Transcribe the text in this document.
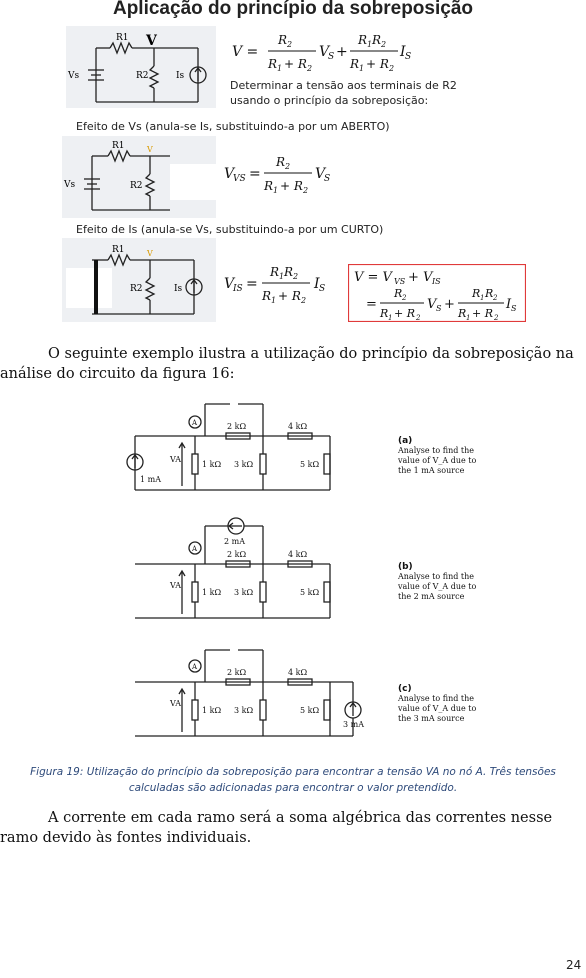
Aplicação do princípio da sobreposição
R1
R2
Vs	Is
V
V =
R 2
R 1 + R 2
V
S +
R 1 R 2
R 1 + R 2
I S
Determinar a tensão aos terminais de R2 usando o princípio da sobreposição:
Efeito de Vs (anula-se Is, substituindo-a por um ABERTO)
R1
R2
Vs
V
V
VS =
R 2
R 1 + R 2
V
S
Efeito de Is (anula-se Vs, substituindo-a por um CURTO)
R1
R2	Is
V
V
IS =
R 1 R 2
R 1 + R 2
I S
V = V VS + V IS
=
R 2
R 1 + R 2
V S +
R 1 R 2
R 1 + R 2
I S
O seguinte exemplo ilustra a utilização do princípio da sobreposição na análise do circuito da figura 16:
A	2 kΩ	4 kΩ
1 kΩ 3 kΩ	5 kΩ
VA
1 mA
A
2 mA
2 kΩ	4 kΩ
1 kΩ 3 kΩ	5 kΩ
VA
A
2 kΩ	4 kΩ
1 kΩ 3 kΩ	5 kΩ
VA
3 mA
(a)
Analyse to find the value of V_A due to the 1 mA source
(b)
Analyse to find the value of V_A due to the 2 mA source
(c)
Analyse to find the value of V_A due to the 3 mA source
Figura 19: Utilização do princípio da sobreposição para encontrar a tensão VA no nó A. Três tensões calculadas são adicionadas para encontrar o valor pretendido.
A corrente em cada ramo será a soma algébrica das correntes nesse ramo devido às fontes individuais.
24
